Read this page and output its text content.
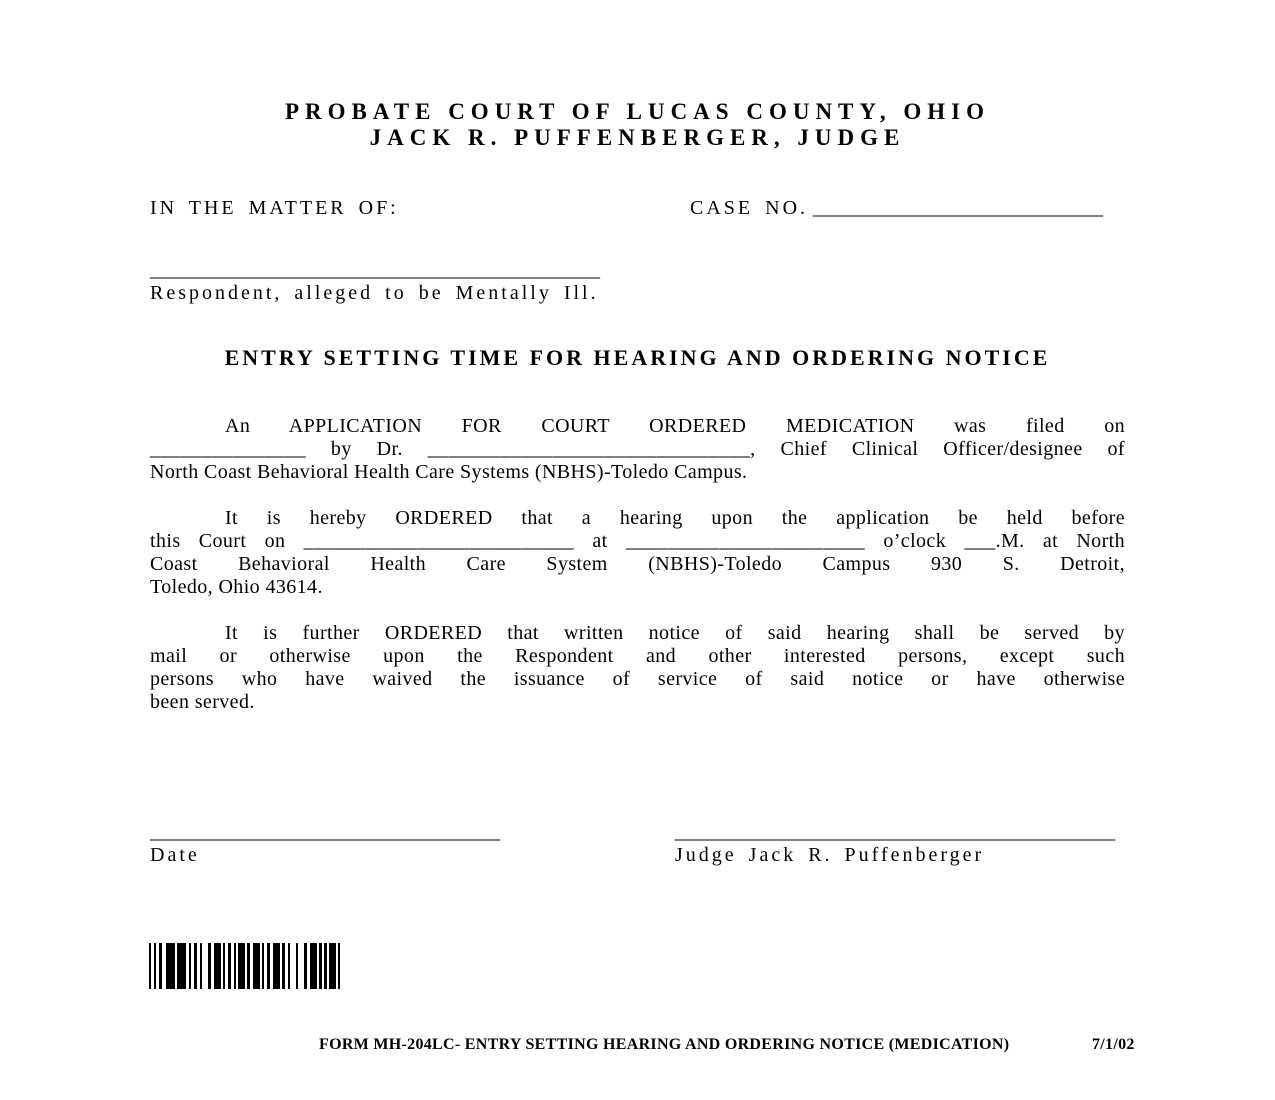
PROBATE COURT OF LUCAS COUNTY, OHIO
JACK R. PUFFENBERGER, JUDGE
IN THE MATTER OF:	CASE NO. _____________________________
_____________________________________________
Respondent, alleged to be Mentally Ill.
ENTRY SETTING TIME FOR HEARING AND ORDERING NOTICE
An APPLICATION FOR COURT ORDERED MEDICATION was filed on
_______________ by Dr. _______________________________, Chief Clinical Officer/designee of
North Coast Behavioral Health Care Systems (NBHS)-Toledo Campus.
It is hereby ORDERED that a hearing upon the application be held before
this Court on __________________________ at _______________________ o’clock ___.M. at North
Coast Behavioral Health Care System (NBHS)-Toledo Campus 930 S. Detroit,
Toledo, Ohio 43614.
It is further ORDERED that written notice of said hearing shall be served by
mail or otherwise upon the Respondent and other interested persons, except such
persons who have waived the issuance of service of said notice or have otherwise
been served.
___________________________________
Date
____________________________________________
Judge Jack R. Puffenberger
FORM MH-204LC- ENTRY SETTING HEARING AND ORDERING NOTICE (MEDICATION)	7/1/02
